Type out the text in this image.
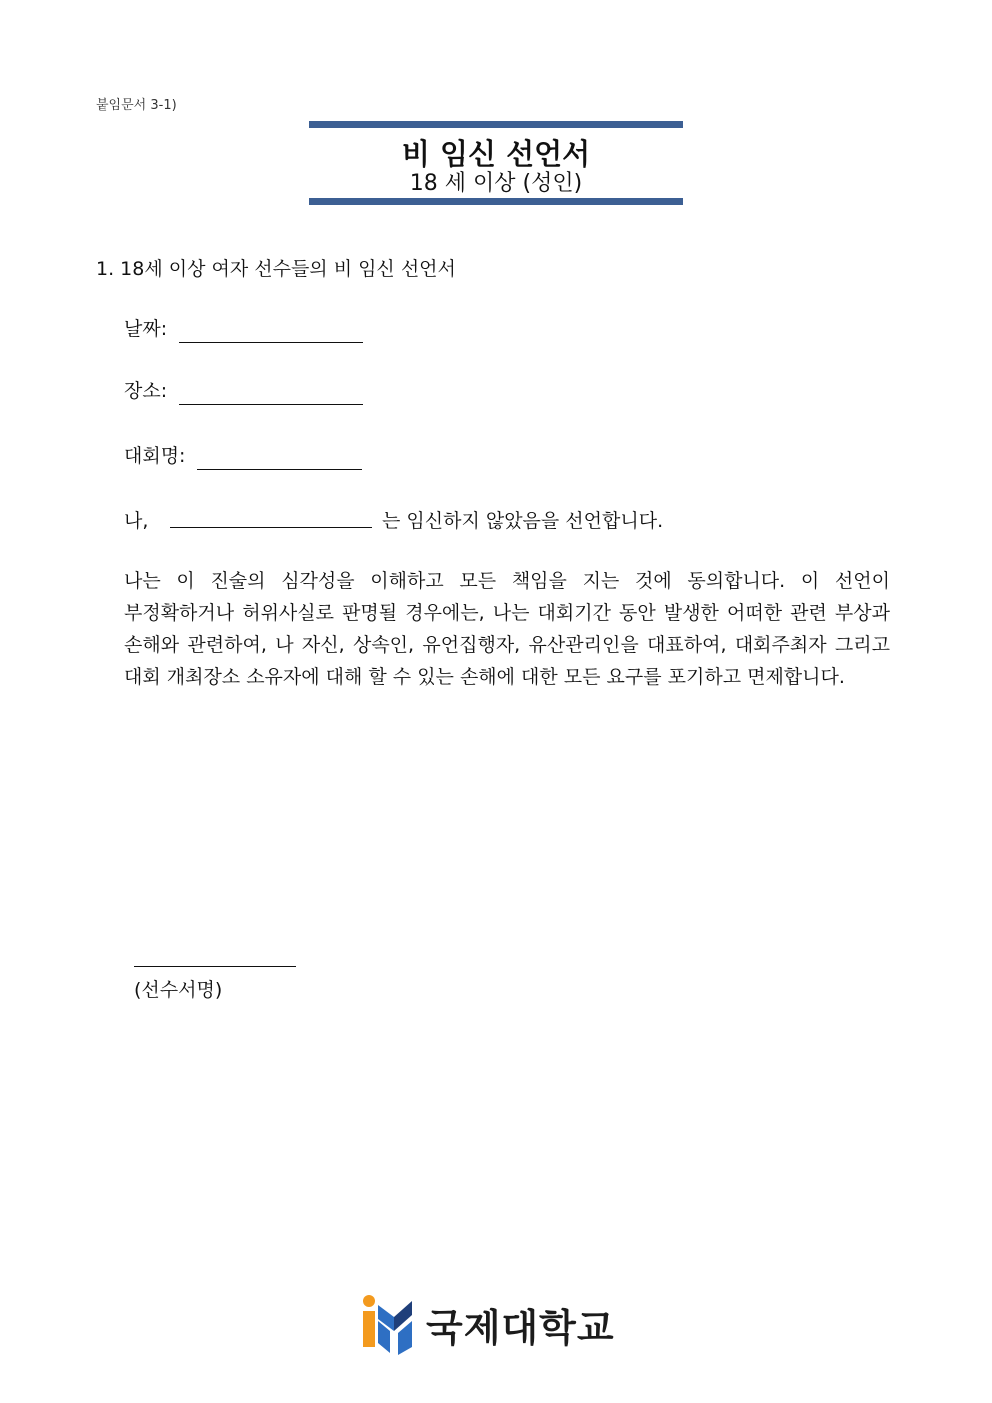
붙임문서 3-1)
비 임신 선언서
18 세 이상 (성인)
1. 18세 이상 여자 선수들의 비 임신 선언서
날짜:
장소:
대회명:
나,	는 임신하지 않았음을 선언합니다.
나는 이 진술의 심각성을 이해하고 모든 책임을 지는 것에 동의합니다. 이 선언이 부정확하거나 허위사실로 판명될 경우에는, 나는 대회기간 동안 발생한 어떠한 관련 부상과 손해와 관련하여, 나 자신, 상속인, 유언집행자, 유산관리인을 대표하여, 대회주최자 그리고 대회 개최장소 소유자에 대해 할 수 있는 손해에 대한 모든 요구를 포기하고 면제합니다.
(선수서명)
국제대학교
